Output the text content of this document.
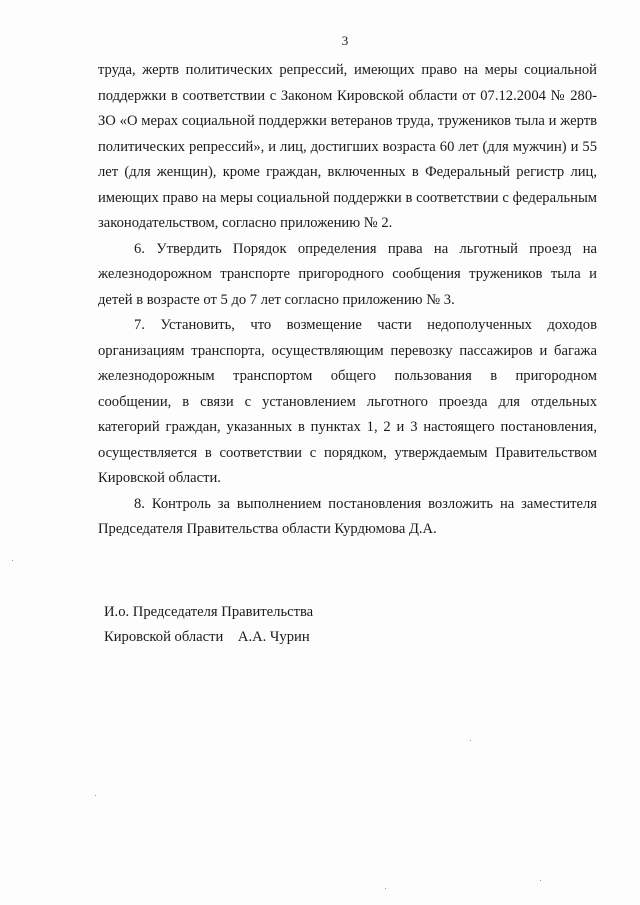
3

труда, жертв политических репрессий, имеющих право на меры социальной поддержки в соответствии с Законом Кировской области от 07.12.2004 № 280-ЗО «О мерах социальной поддержки ветеранов труда, тружеников тыла и жертв политических репрессий», и лиц, достигших возраста 60 лет (для мужчин) и 55 лет (для женщин), кроме граждан, включенных в Федеральный регистр лиц, имеющих право на меры социальной поддержки в соответствии с федеральным законодательством, согласно приложению № 2.

6. Утвердить Порядок определения права на льготный проезд на железнодорожном транспорте пригородного сообщения тружеников тыла и детей в возрасте от 5 до 7 лет согласно приложению № 3.

7. Установить, что возмещение части недополученных доходов организациям транспорта, осуществляющим перевозку пассажиров и багажа железнодорожным транспортом общего пользования в пригородном сообщении, в связи с установлением льготного проезда для отдельных категорий граждан, указанных в пунктах 1, 2 и 3 настоящего постановления, осуществляется в соответствии с порядком, утверждаемым Правительством Кировской области.

8. Контроль за выполнением постановления возложить на заместителя Председателя Правительства области Курдюмова Д.А.

И.о. Председателя Правительства
Кировской области    А.А. Чурин
